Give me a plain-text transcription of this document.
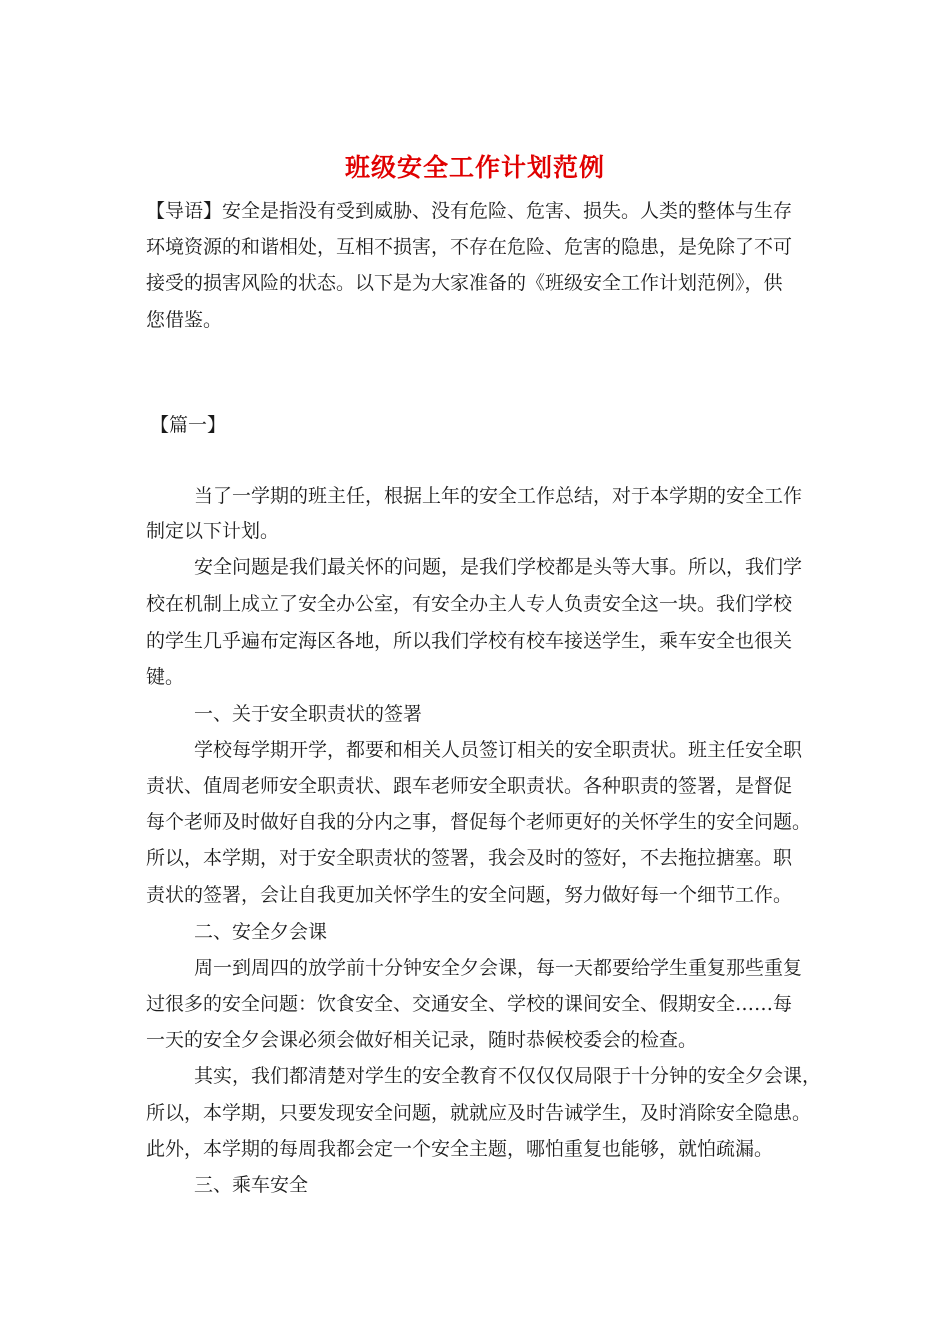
班级安全工作计划范例
【导语】安全是指没有受到威胁、没有危险、危害、损失。人类的整体与生存
环境资源的和谐相处，互相不损害，不存在危险、危害的隐患，是免除了不可
接受的损害风险的状态。以下是为大家准备的《班级安全工作计划范例》，供
您借鉴。
【篇一】
当了一学期的班主任，根据上年的安全工作总结，对于本学期的安全工作
制定以下计划。
安全问题是我们最关怀的问题，是我们学校都是头等大事。所以，我们学
校在机制上成立了安全办公室，有安全办主人专人负责安全这一块。我们学校
的学生几乎遍布定海区各地，所以我们学校有校车接送学生，乘车安全也很关
键。
一、关于安全职责状的签署
学校每学期开学，都要和相关人员签订相关的安全职责状。班主任安全职
责状、值周老师安全职责状、跟车老师安全职责状。各种职责的签署，是督促
每个老师及时做好自我的分内之事，督促每个老师更好的关怀学生的安全问题。
所以，本学期，对于安全职责状的签署，我会及时的签好，不去拖拉搪塞。职
责状的签署，会让自我更加关怀学生的安全问题，努力做好每一个细节工作。
二、安全夕会课
周一到周四的放学前十分钟安全夕会课，每一天都要给学生重复那些重复
过很多的安全问题：饮食安全、交通安全、学校的课间安全、假期安全……每
一天的安全夕会课必须会做好相关记录，随时恭候校委会的检查。
其实，我们都清楚对学生的安全教育不仅仅仅局限于十分钟的安全夕会课，
所以，本学期，只要发现安全问题，就就应及时告诫学生，及时消除安全隐患。
此外，本学期的每周我都会定一个安全主题，哪怕重复也能够，就怕疏漏。
三、乘车安全
